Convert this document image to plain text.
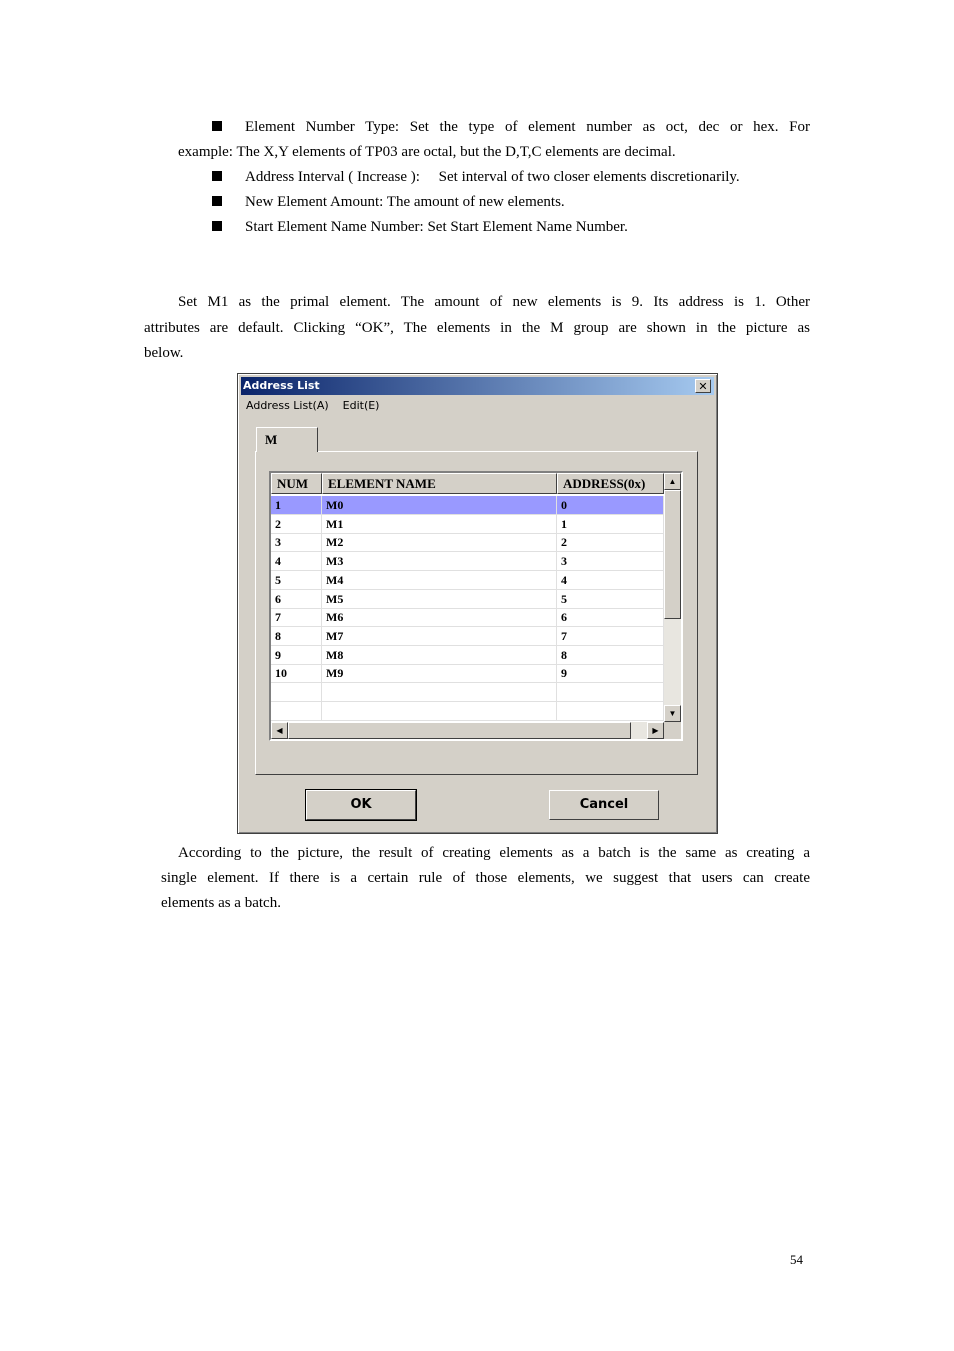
Element Number Type: Set the type of element number as oct, dec or hex. For
example: The X,Y elements of TP03 are octal, but the D,T,C elements are decimal.
Address Interval ( Increase ):     Set interval of two closer elements discretionarily.
New Element Amount: The amount of new elements.
Start Element Name Number: Set Start Element Name Number.
Set M1 as the primal element. The amount of new elements is 9. Its address is 1. Other
attributes are default. Clicking “OK”, The elements in the M group are shown in the picture as
below.
Address List	✕
Address List(A) Edit(E)
M
NUM	ELEMENT NAME	ADDRESS(0x)
1	M0	0
2	M1	1
3	M2	2
4	M3	3
5	M4	4
6	M5	5
7	M6	6
8	M7	7
9	M8	8
10	M9	9
▲
▼
◀	▶
OK	Cancel
According to the picture, the result of creating elements as a batch is the same as creating a
single element. If there is a certain rule of those elements, we suggest that users can create
elements as a batch.
54
